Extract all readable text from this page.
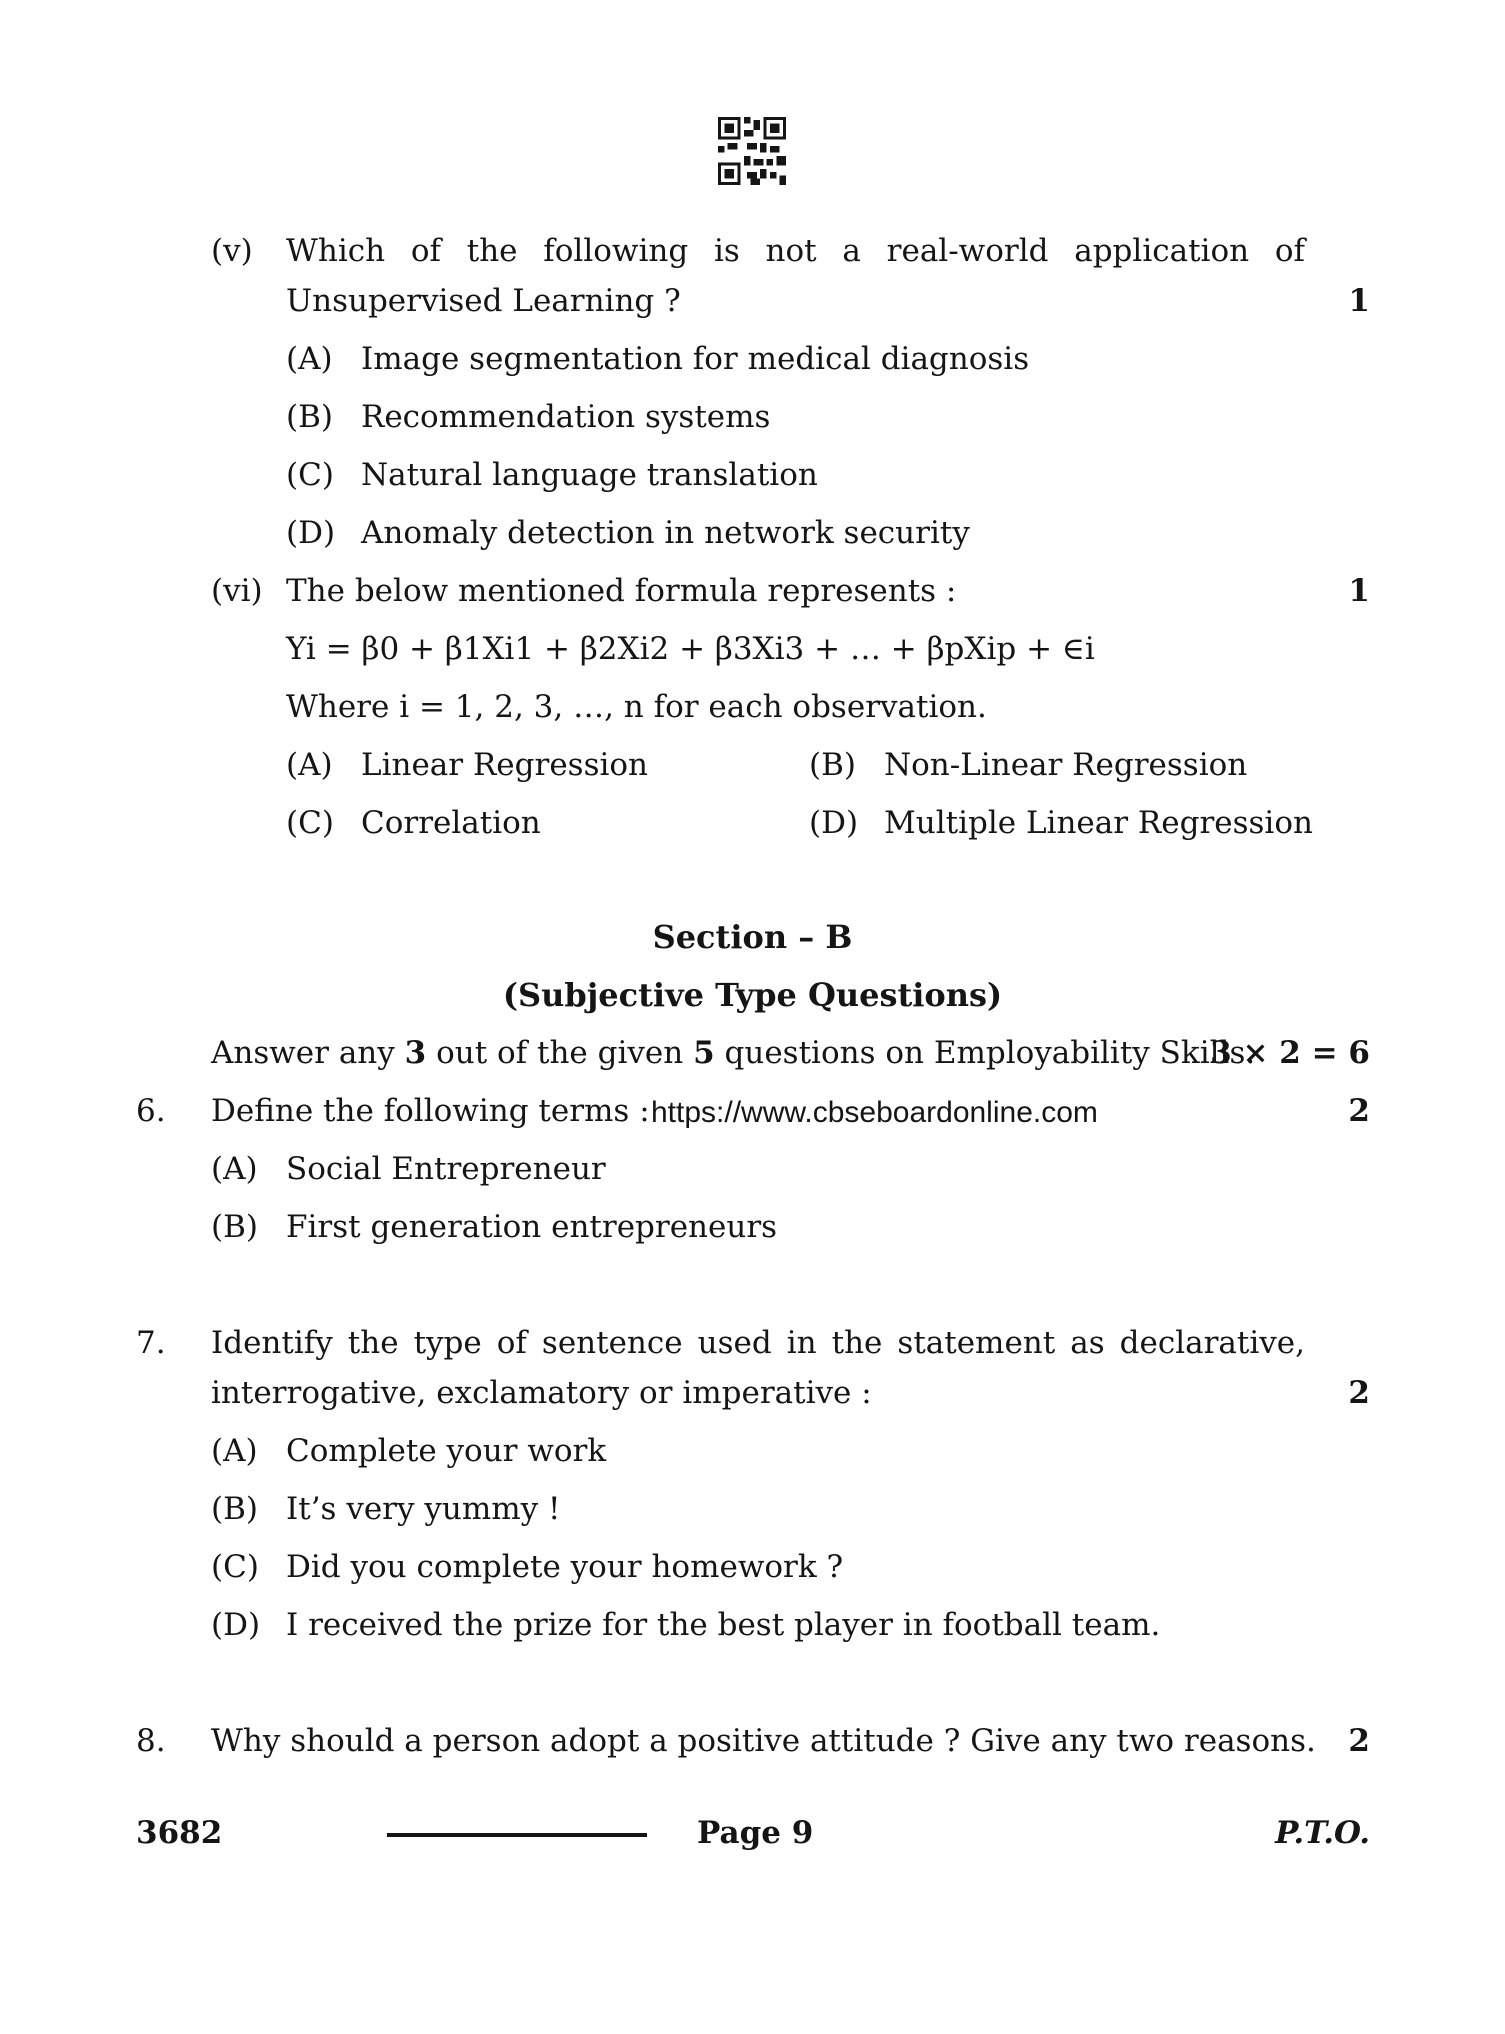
(v) Which of the following is not a real-world application of
Unsupervised Learning ?	1
(A) Image segmentation for medical diagnosis
(B) Recommendation systems
(C) Natural language translation
(D) Anomaly detection in network security
(vi) The below mentioned formula represents :	1
Yi = β0 + β1Xi1 + β2Xi2 + β3Xi3 + … + βpXip + ∈i
Where i = 1, 2, 3, …, n for each observation.
(A) Linear Regression	(B) Non-Linear Regression
(C) Correlation	(D) Multiple Linear Regression
Section – B
(Subjective Type Questions)
Answer any 3 out of the given 5 questions on Employability Skills.
3 × 2 = 6
6. Define the following terms : https://www.cbseboardonline.com	2
(A) Social Entrepreneur
(B) First generation entrepreneurs
7. Identify the type of sentence used in the statement as declarative,
interrogative, exclamatory or imperative :	2
(A) Complete your work
(B) It’s very yummy !
(C) Did you complete your homework ?
(D) I received the prize for the best player in football team.
8. Why should a person adopt a positive attitude ? Give any two reasons.	2
3682	Page 9	P.T.O.
